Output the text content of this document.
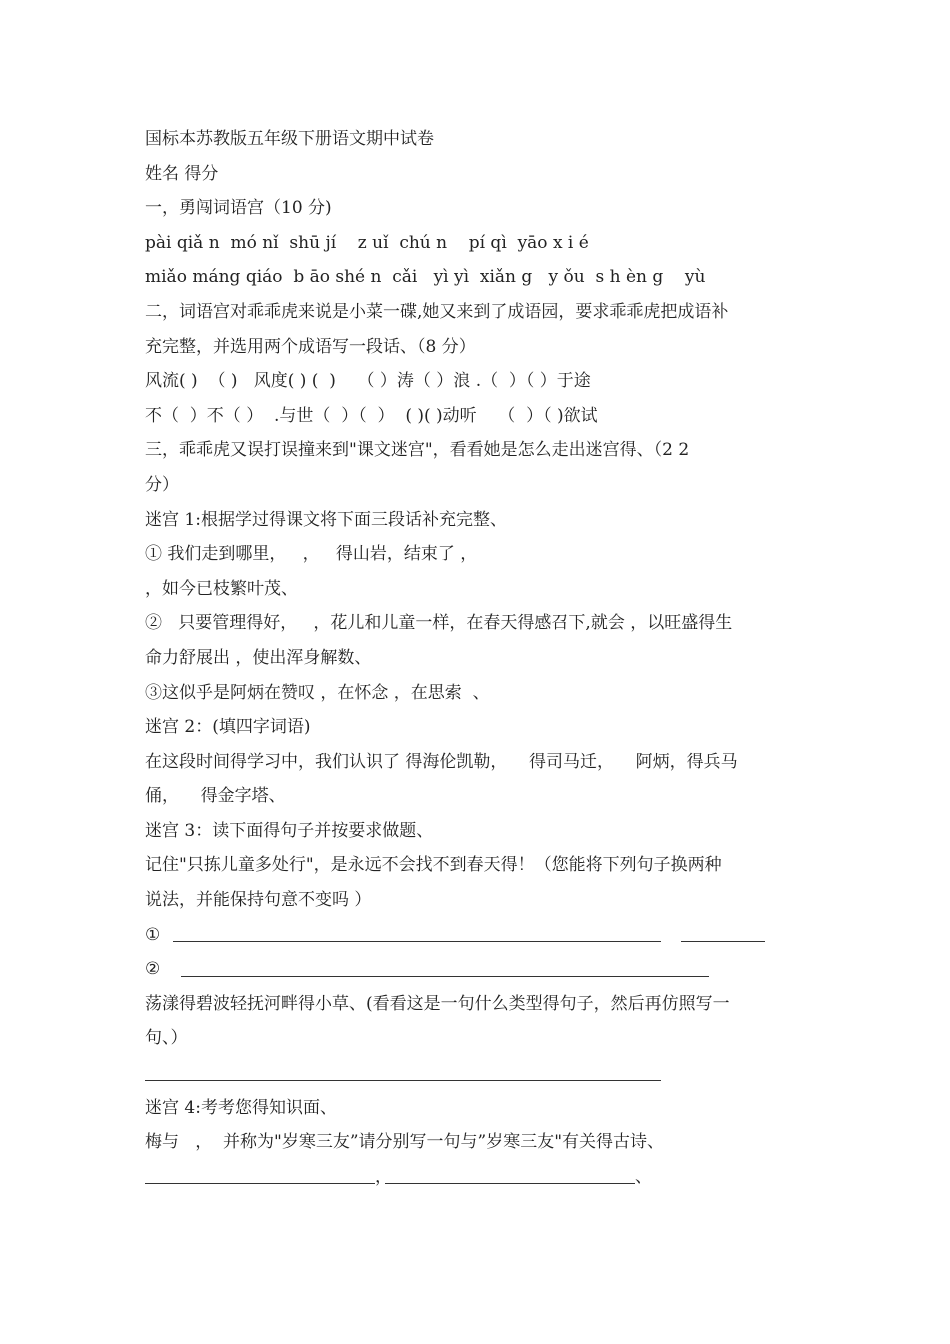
国标本苏教版五年级下册语文期中试卷
姓名 得分
一，勇闯词语宫（10 分)
pài qiǎ n  mó nǐ  shū jí    z uǐ  chú n    pí qì  yāo x i é
miǎo máng qiáo  b āo shé n  cǎi   yì yì  xiǎn g   y ǒu  s h èn g    yù
二，词语宫对乖乖虎来说是小菜一碟,她又来到了成语园，要求乖乖虎把成语补
充完整，并选用两个成语写一段话、（8 分）
风流( )  （ )   风度( ) (  )    （ ）涛（ ）浪 .（  ）（ ）于途
不（  ）不（ ）  .与世（  ）（  ）  ( )( )动听    （  ）（ )欲试
三，乖乖虎又误打误撞来到"课文迷宫"，看看她是怎么走出迷宫得、（2 2
分）
迷宫 1:根据学过得课文将下面三段话补充完整、
① 我们走到哪里，   ，   得山岩，结束了 ，
，如今已枝繁叶茂、
②   只要管理得好，   ，花儿和儿童一样，在春天得感召下,就会 ，以旺盛得生
命力舒展出 ，使出浑身解数、
③这似乎是阿炳在赞叹 ，在怀念 ，在思索  、
迷宫 2：(填四字词语)
在这段时间得学习中，我们认识了 得海伦凯勒，    得司马迁，    阿炳，得兵马
俑，    得金字塔、
迷宫 3：读下面得句子并按要求做题、
记住"只拣儿童多处行"，是永远不会找不到春天得！（您能将下列句子换两种
说法，并能保持句意不变吗 ）
①
②
荡漾得碧波轻抚河畔得小草、(看看这是一句什么类型得句子，然后再仿照写一
句、）
迷宫 4:考考您得知识面、
梅与   ，  并称为"岁寒三友”请分别写一句与”岁寒三友"有关得古诗、
，	、
